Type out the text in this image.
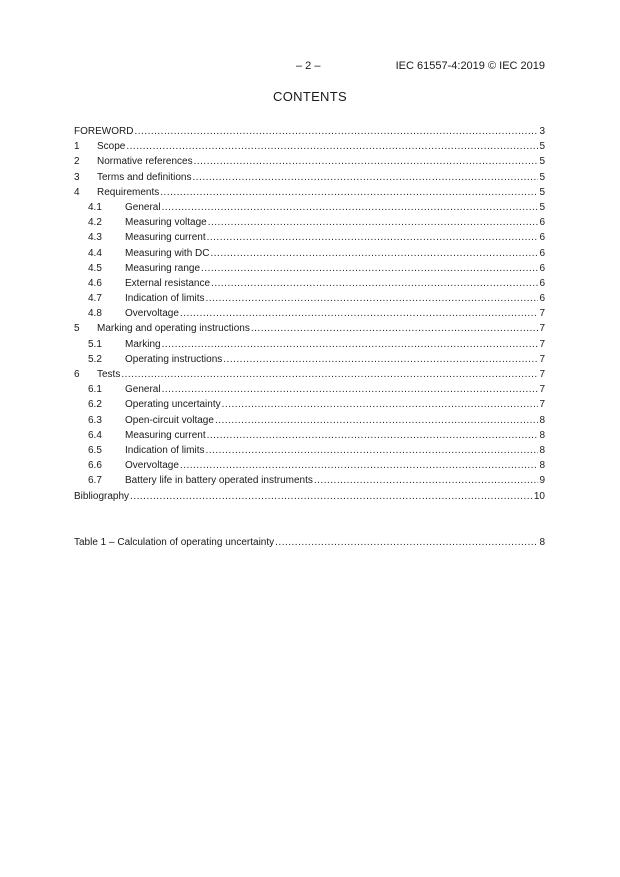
– 2 –	IEC 61557-4:2019 © IEC 2019
CONTENTS
FOREWORD .....	3
1	Scope .....	5
2	Normative references .....	5
3	Terms and definitions .....	5
4	Requirements .....	5
4.1	General .....	5
4.2	Measuring voltage .....	6
4.3	Measuring current .....	6
4.4	Measuring with DC .....	6
4.5	Measuring range .....	6
4.6	External resistance .....	6
4.7	Indication of limits .....	6
4.8	Overvoltage .....	7
5	Marking and operating instructions .....	7
5.1	Marking .....	7
5.2	Operating instructions .....	7
6	Tests .....	7
6.1	General .....	7
6.2	Operating uncertainty .....	7
6.3	Open-circuit voltage .....	8
6.4	Measuring current .....	8
6.5	Indication of limits .....	8
6.6	Overvoltage .....	8
6.7	Battery life in battery operated instruments .....	9
Bibliography .....	10
Table 1 – Calculation of operating uncertainty .....	8
